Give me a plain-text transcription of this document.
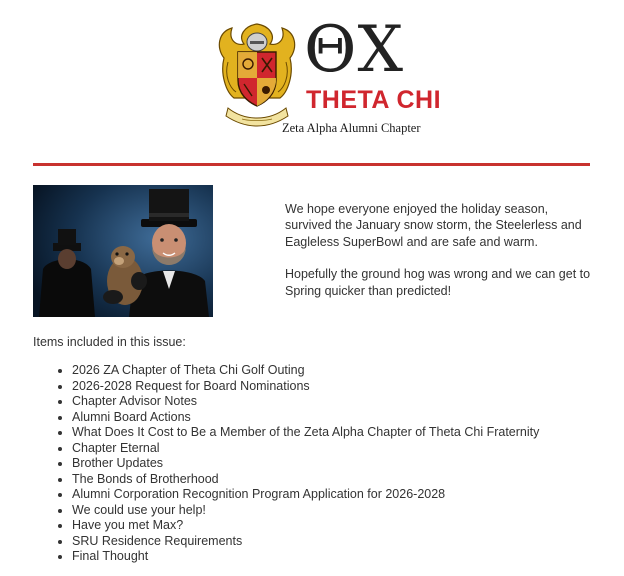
ΘΧ
THETA CHI
Zeta Alpha Alumni Chapter

We hope everyone enjoyed the holiday season, survived the January snow storm, the Steelerless and Eagleless SuperBowl and are safe and warm.

Hopefully the ground hog was wrong and we can get to Spring quicker than predicted!

Items included in this issue:
2026 ZA Chapter of Theta Chi Golf Outing
2026-2028 Request for Board Nominations
Chapter Advisor Notes
Alumni Board Actions
What Does It Cost to Be a Member of the Zeta Alpha Chapter of Theta Chi Fraternity
Chapter Eternal
Brother Updates
The Bonds of Brotherhood
Alumni Corporation Recognition Program Application for 2026-2028
We could use your help!
Have you met Max?
SRU Residence Requirements
Final Thought
